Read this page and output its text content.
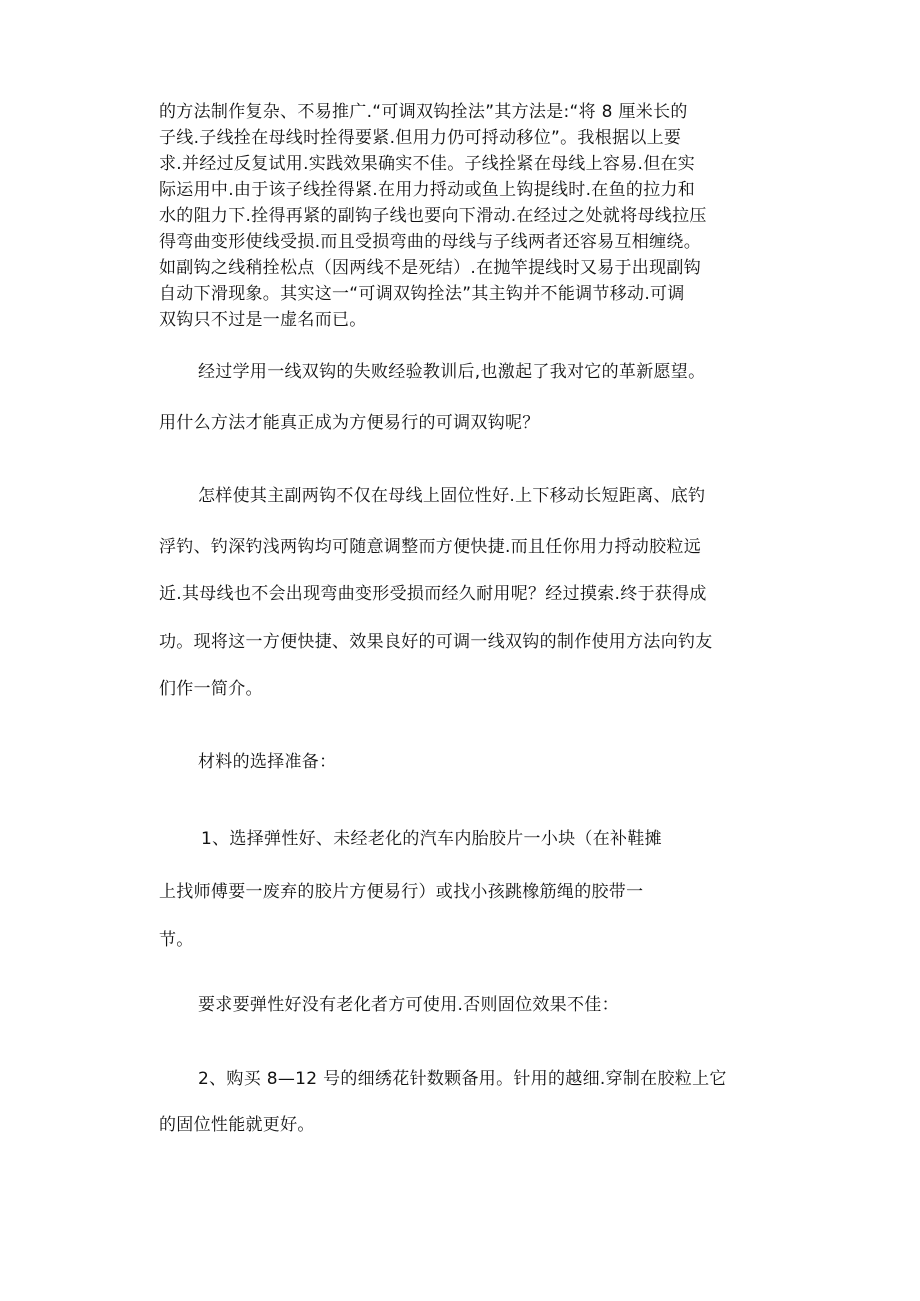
的方法制作复杂、不易推广.“可调双钩拴法”其方法是:“将 8 厘米长的
子线.子线拴在母线时拴得要紧.但用力仍可捋动移位”。我根据以上要
求.并经过反复试用.实践效果确实不佳。子线拴紧在母线上容易.但在实
际运用中.由于该子线拴得紧.在用力捋动或鱼上钩提线时.在鱼的拉力和
水的阻力下.拴得再紧的副钩子线也要向下滑动.在经过之处就将母线拉压
得弯曲变形使线受损.而且受损弯曲的母线与子线两者还容易互相缠绕。
如副钩之线稍拴松点（因两线不是死结）.在抛竿提线时又易于出现副钩
自动下滑现象。其实这一“可调双钩拴法”其主钩并不能调节移动.可调
双钩只不过是一虚名而已。
经过学用一线双钩的失败经验教训后,也激起了我对它的革新愿望。
用什么方法才能真正成为方便易行的可调双钩呢？
怎样使其主副两钩不仅在母线上固位性好.上下移动长短距离、底钓
浮钓、钓深钓浅两钩均可随意调整而方便快捷.而且任你用力捋动胶粒远
近.其母线也不会出现弯曲变形受损而经久耐用呢？经过摸索.终于获得成
功。现将这一方便快捷、效果良好的可调一线双钩的制作使用方法向钓友
们作一简介。
材料的选择准备：
1、选择弹性好、未经老化的汽车内胎胶片一小块（在补鞋摊
上找师傅要一废弃的胶片方便易行）或找小孩跳橡筋绳的胶带一
节。
要求要弹性好没有老化者方可使用.否则固位效果不佳：
2、购买 8—12 号的细绣花针数颗备用。针用的越细.穿制在胶粒上它
的固位性能就更好。
